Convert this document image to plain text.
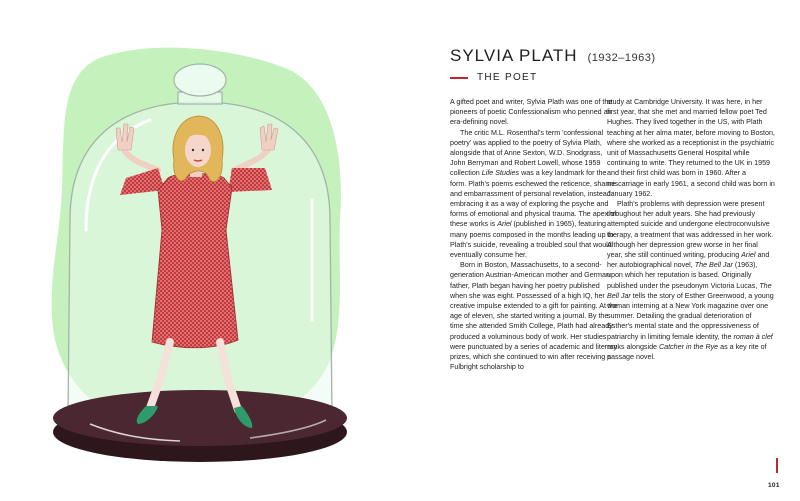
SYLVIA PLATH (1932–1963)
THE POET

A gifted poet and writer, Sylvia Plath was one of the pioneers of poetic Confessionalism who penned an era-defining novel.

The critic M.L. Rosenthal's term 'confessional poetry' was applied to the poetry of Sylvia Plath, alongside that of Anne Sexton, W.D. Snodgrass, John Berryman and Robert Lowell, whose 1959 collection Life Studies was a key landmark for the form. Plath's poems eschewed the reticence, shame and embarrassment of personal revelation, instead embracing it as a way of exploring the psyche and forms of emotional and physical trauma. The apex of these works is Ariel (published in 1965), featuring many poems composed in the months leading up to Plath's suicide, revealing a troubled soul that would eventually consume her.

Born in Boston, Massachusetts, to a second-generation Austrian-American mother and German father, Plath began having her poetry published when she was eight. Possessed of a high IQ, her creative impulse extended to a gift for painting. At the age of eleven, she started writing a journal. By the time she attended Smith College, Plath had already produced a voluminous body of work. Her studies were punctuated by a series of academic and literary prizes, which she continued to win after receiving a Fulbright scholarship to

study at Cambridge University. It was here, in her first year, that she met and married fellow poet Ted Hughes. They lived together in the US, with Plath teaching at her alma mater, before moving to Boston, where she worked as a receptionist in the psychiatric unit of Massachusetts General Hospital while continuing to write. They returned to the UK in 1959 and their first child was born in 1960. After a miscarriage in early 1961, a second child was born in January 1962.

Plath's problems with depression were present throughout her adult years. She had previously attempted suicide and undergone electroconvulsive therapy, a treatment that was addressed in her work. Although her depression grew worse in her final year, she still continued writing, producing Ariel and her autobiographical novel, The Bell Jar (1963), upon which her reputation is based. Originally published under the pseudonym Victoria Lucas, The Bell Jar tells the story of Esther Greenwood, a young woman interning at a New York magazine over one summer. Detailing the gradual deterioration of Esther's mental state and the oppressiveness of patriarchy in limiting female identity, the roman à clef ranks alongside Catcher in the Rye as a key rite of passage novel.

101
